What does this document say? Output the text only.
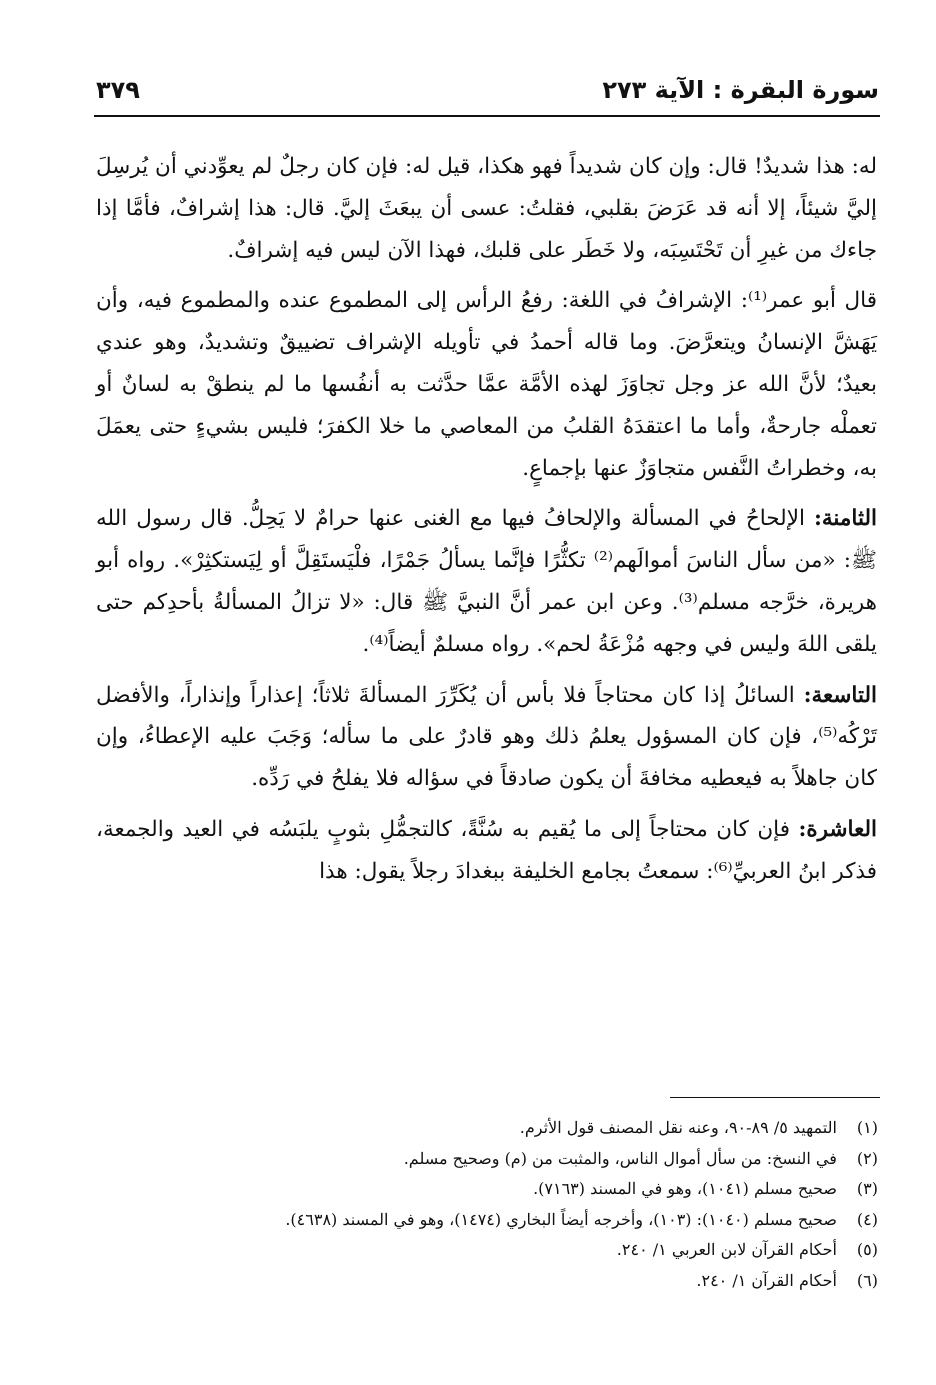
سورة البقرة : الآية ٢٧٣
٣٧٩

له: هذا شديدٌ! قال: وإن كان شديداً فهو هكذا، قيل له: فإن كان رجلٌ لم يعوِّدني أن يُرسِلَ إليَّ شيئاً، إلا أنه قد عَرَضَ بقلبي، فقلتُ: عسى أن يبعَثَ إليَّ. قال: هذا إشرافٌ، فأمَّا إذا جاءك من غيرِ أن تَحْتَسِبَه، ولا خَطَر على قلبك، فهذا الآن ليس فيه إشرافٌ.

قال أبو عمر⁽¹⁾: الإشرافُ في اللغة: رفعُ الرأس إلى المطموع عنده والمطموع فيه، وأن يَهَشَّ الإنسانُ ويتعرَّضَ. وما قاله أحمدُ في تأويله الإشراف تضييقٌ وتشديدٌ، وهو عندي بعيدٌ؛ لأنَّ الله عز وجل تجاوَزَ لهذه الأمَّة عمَّا حدَّثت به أنفُسها ما لم ينطقْ به لسانٌ أو تعملْه جارحةٌ، وأما ما اعتقدَهُ القلبُ من المعاصي ما خلا الكفرَ؛ فليس بشيءٍ حتى يعمَلَ به، وخطراتُ النَّفس متجاوَزٌ عنها بإجماعٍ.

الثامنة: الإلحاحُ في المسألة والإلحافُ فيها مع الغنى عنها حرامٌ لا يَحِلُّ. قال رسول الله ﷺ: «من سأل الناسَ أموالَهم⁽²⁾ تكثُّرًا فإنَّما يسألُ جَمْرًا، فلْيَستَقِلَّ أو لِيَستكثِرْ». رواه أبو هريرة، خرَّجه مسلم⁽³⁾. وعن ابن عمر أنَّ النبيَّ ﷺ قال: «لا تزالُ المسألةُ بأحدِكم حتى يلقى اللهَ وليس في وجهه مُزْعَةُ لحم». رواه مسلمٌ أيضاً⁽⁴⁾.

التاسعة: السائلُ إذا كان محتاجاً فلا بأس أن يُكَرِّرَ المسألةَ ثلاثاً؛ إعذاراً وإنذاراً، والأفضل تَرْكُه⁽⁵⁾، فإن كان المسؤول يعلمُ ذلك وهو قادرٌ على ما سأله؛ وَجَبَ عليه الإعطاءُ، وإن كان جاهلاً به فيعطيه مخافةَ أن يكون صادقاً في سؤاله فلا يفلحُ في رَدِّه.

العاشرة: فإن كان محتاجاً إلى ما يُقيم به سُنَّةً، كالتجمُّلِ بثوبٍ يلبَسُه في العيد والجمعة، فذكر ابنُ العربيِّ⁽⁶⁾: سمعتُ بجامع الخليفة ببغدادَ رجلاً يقول: هذا

(١) التمهيد ٥/ ٨٩-٩٠، وعنه نقل المصنف قول الأثرم.
(٢) في النسخ: من سأل أموال الناس، والمثبت من (م) وصحيح مسلم.
(٣) صحيح مسلم (١٠٤١)، وهو في المسند (٧١٦٣).
(٤) صحيح مسلم (١٠٤٠): (١٠٣)، وأخرجه أيضاً البخاري (١٤٧٤)، وهو في المسند (٤٦٣٨).
(٥) أحكام القرآن لابن العربي ١/ ٢٤٠.
(٦) أحكام القرآن ١/ ٢٤٠.
